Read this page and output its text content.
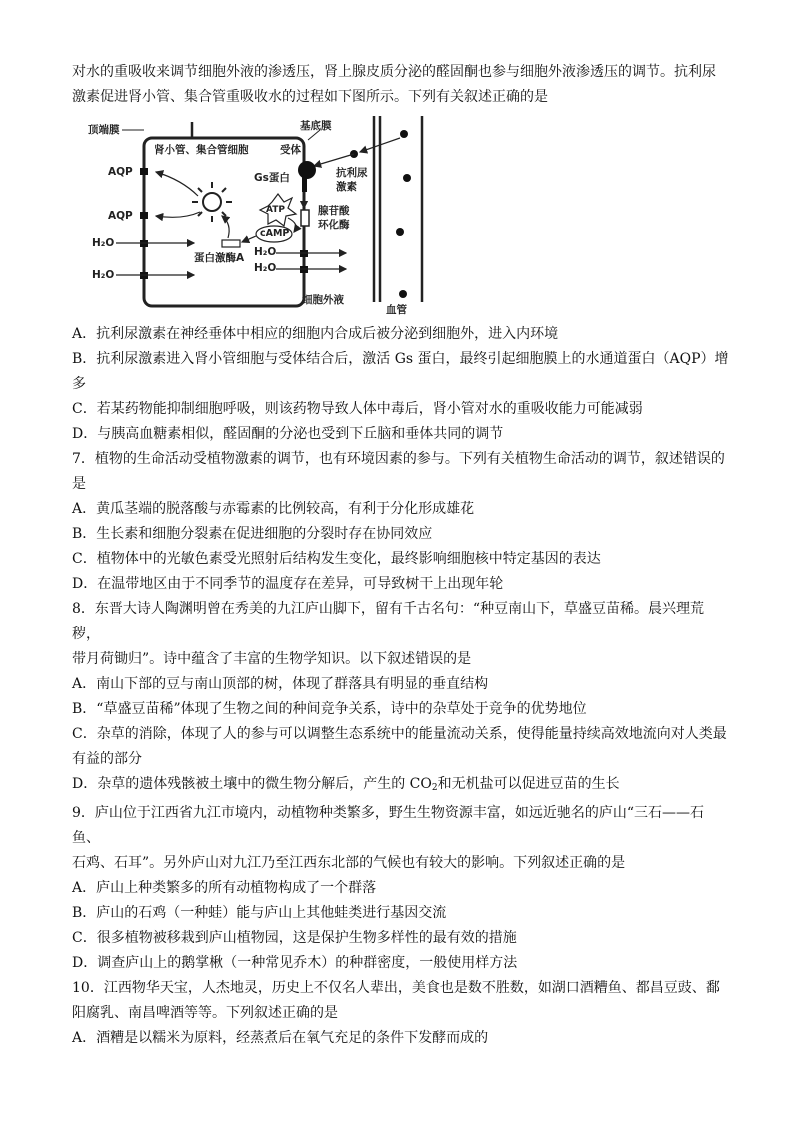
对水的重吸收来调节细胞外液的渗透压，肾上腺皮质分泌的醛固酮也参与细胞外液渗透压的调节。抗利尿

激素促进肾小管、集合管重吸收水的过程如下图所示。下列有关叙述正确的是

顶端膜
肾小管、集合管细胞
基底膜
受体
Gs蛋白
ATP
cAMP
腺苷酸
环化酶
蛋白激酶A
抗利尿
激素
AQP
AQP
H₂O
H₂O
H₂O
H₂O
细胞外液
血管

A．抗利尿激素在神经垂体中相应的细胞内合成后被分泌到细胞外，进入内环境

B．抗利尿激素进入肾小管细胞与受体结合后，激活 Gs 蛋白，最终引起细胞膜上的水通道蛋白（AQP）增

多

C．若某药物能抑制细胞呼吸，则该药物导致人体中毒后，肾小管对水的重吸收能力可能减弱

D．与胰高血糖素相似，醛固酮的分泌也受到下丘脑和垂体共同的调节

7．植物的生命活动受植物激素的调节，也有环境因素的参与。下列有关植物生命活动的调节，叙述错误的

是

A．黄瓜茎端的脱落酸与赤霉素的比例较高，有利于分化形成雄花

B．生长素和细胞分裂素在促进细胞的分裂时存在协同效应

C．植物体中的光敏色素受光照射后结构发生变化，最终影响细胞核中特定基因的表达

D．在温带地区由于不同季节的温度存在差异，可导致树干上出现年轮

8．东晋大诗人陶渊明曾在秀美的九江庐山脚下，留有千古名句：“种豆南山下，草盛豆苗稀。晨兴理荒秽，

带月荷锄归”。诗中蕴含了丰富的生物学知识。以下叙述错误的是

A．南山下部的豆与南山顶部的树，体现了群落具有明显的垂直结构

B．“草盛豆苗稀”体现了生物之间的种间竞争关系，诗中的杂草处于竞争的优势地位

C．杂草的消除，体现了人的参与可以调整生态系统中的能量流动关系，使得能量持续高效地流向对人类最

有益的部分

D．杂草的遗体残骸被土壤中的微生物分解后，产生的 $CO_2$和无机盐可以促进豆苗的生长

9．庐山位于江西省九江市境内，动植物种类繁多，野生生物资源丰富，如远近驰名的庐山“三石——石鱼、

石鸡、石耳”。另外庐山对九江乃至江西东北部的气候也有较大的影响。下列叙述正确的是

A．庐山上种类繁多的所有动植物构成了一个群落

B．庐山的石鸡（一种蛙）能与庐山上其他蛙类进行基因交流

C．很多植物被移栽到庐山植物园，这是保护生物多样性的最有效的措施

D．调查庐山上的鹅掌楸（一种常见乔木）的种群密度，一般使用样方法

10．江西物华天宝，人杰地灵，历史上不仅名人辈出，美食也是数不胜数，如湖口酒糟鱼、都昌豆豉、鄱

阳腐乳、南昌啤酒等等。下列叙述正确的是

A．酒糟是以糯米为原料，经蒸煮后在氧气充足的条件下发酵而成的
